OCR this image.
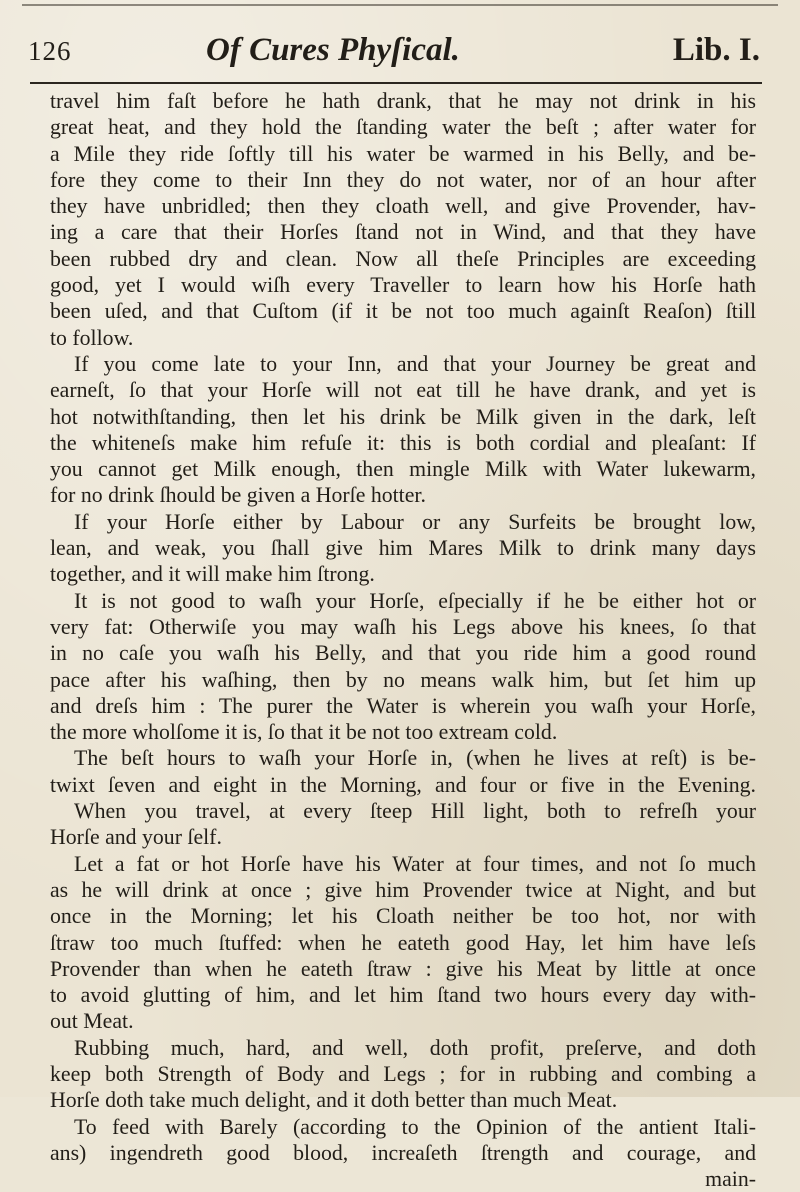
126	Of Cures Phyſical.	Lib. I.
travel him faſt before he hath drank, that he may not drink in his
great heat, and they hold the ſtanding water the beſt ; after water for
a Mile they ride ſoftly till his water be warmed in his Belly, and be-
fore they come to their Inn they do not water, nor of an hour after
they have unbridled; then they cloath well, and give Provender, hav-
ing a care that their Horſes ſtand not in Wind, and that they have
been rubbed dry and clean. Now all theſe Principles are exceeding
good, yet I would wiſh every Traveller to learn how his Horſe hath
been uſed, and that Cuſtom (if it be not too much againſt Reaſon) ſtill
to follow.
If you come late to your Inn, and that your Journey be great and
earneſt, ſo that your Horſe will not eat till he have drank, and yet is
hot notwithſtanding, then let his drink be Milk given in the dark, leſt
the whiteneſs make him refuſe it: this is both cordial and pleaſant: If
you cannot get Milk enough, then mingle Milk with Water lukewarm,
for no drink ſhould be given a Horſe hotter.
If your Horſe either by Labour or any Surfeits be brought low,
lean, and weak, you ſhall give him Mares Milk to drink many days
together, and it will make him ſtrong.
It is not good to waſh your Horſe, eſpecially if he be either hot or
very fat: Otherwiſe you may waſh his Legs above his knees, ſo that
in no caſe you waſh his Belly, and that you ride him a good round
pace after his waſhing, then by no means walk him, but ſet him up
and dreſs him : The purer the Water is wherein you waſh your Horſe,
the more wholſome it is, ſo that it be not too extream cold.
The beſt hours to waſh your Horſe in, (when he lives at reſt) is be-
twixt ſeven and eight in the Morning, and four or five in the Evening.
When you travel, at every ſteep Hill light, both to refreſh your
Horſe and your ſelf.
Let a fat or hot Horſe have his Water at four times, and not ſo much
as he will drink at once ; give him Provender twice at Night, and but
once in the Morning; let his Cloath neither be too hot, nor with
ſtraw too much ſtuffed: when he eateth good Hay, let him have leſs
Provender than when he eateth ſtraw : give his Meat by little at once
to avoid glutting of him, and let him ſtand two hours every day with-
out Meat.
Rubbing much, hard, and well, doth profit, preſerve, and doth
keep both Strength of Body and Legs ; for in rubbing and combing a
Horſe doth take much delight, and it doth better than much Meat.
To feed with Barely (according to the Opinion of the antient Itali-
ans) ingendreth good blood, increaſeth ſtrength and courage, and
main-
